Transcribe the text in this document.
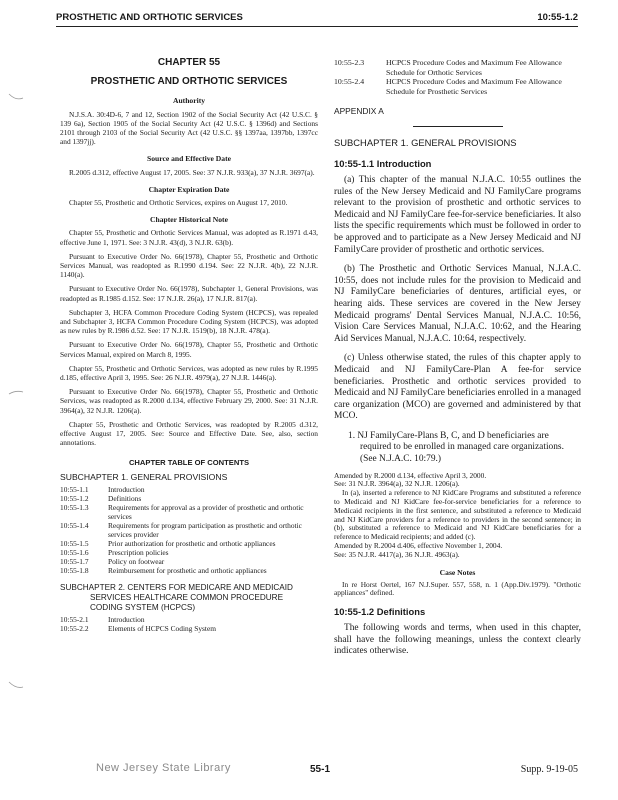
PROSTHETIC AND ORTHOTIC SERVICES	10:55-1.2
CHAPTER 55
PROSTHETIC AND ORTHOTIC SERVICES
Authority

N.J.S.A. 30:4D-6, 7 and 12, Section 1902 of the Social Security Act (42 U.S.C. § 139 6a), Section 1905 of the Social Security Act (42 U.S.C. § 1396d) and Sections 2101 through 2103 of the Social Security Act (42 U.S.C. §§ 1397aa, 1397bb, 1397cc and 1397jj).

Source and Effective Date

R.2005 d.312, effective August 17, 2005. See: 37 N.J.R. 933(a), 37 N.J.R. 3697(a).

Chapter Expiration Date

Chapter 55, Prosthetic and Orthotic Services, expires on August 17, 2010.

Chapter Historical Note

Chapter 55, Prosthetic and Orthotic Services Manual, was adopted as R.1971 d.43, effective June 1, 1971. See: 3 N.J.R. 43(d), 3 N.J.R. 63(b).

Pursuant to Executive Order No. 66(1978), Chapter 55, Prosthetic and Orthotic Services Manual, was readopted as R.1990 d.194. See: 22 N.J.R. 4(b), 22 N.J.R. 1140(a).

Pursuant to Executive Order No. 66(1978), Subchapter 1, General Provisions, was readopted as R.1985 d.152. See: 17 N.J.R. 26(a), 17 N.J.R. 817(a).

Subchapter 3, HCFA Common Procedure Coding System (HCPCS), was repealed and Subchapter 3, HCFA Common Procedure Coding System (HCPCS), was adopted as new rules by R.1986 d.52. See: 17 N.J.R. 1519(b), 18 N.J.R. 478(a).

Pursuant to Executive Order No. 66(1978), Chapter 55, Prosthetic and Orthotic Services Manual, expired on March 8, 1995.

Chapter 55, Prosthetic and Orthotic Services, was adopted as new rules by R.1995 d.185, effective April 3, 1995. See: 26 N.J.R. 4979(a), 27 N.J.R. 1446(a).

Pursuant to Executive Order No. 66(1978), Chapter 55, Prosthetic and Orthotic Services, was readopted as R.2000 d.134, effective February 29, 2000. See: 31 N.J.R. 3964(a), 32 N.J.R. 1206(a).

Chapter 55, Prosthetic and Orthotic Services, was readopted by R.2005 d.312, effective August 17, 2005. See: Source and Effective Date. See, also, section annotations.

CHAPTER TABLE OF CONTENTS
SUBCHAPTER 1. GENERAL PROVISIONS
10:55-1.1	Introduction
10:55-1.2	Definitions
10:55-1.3	Requirements for approval as a provider of prosthetic and orthotic services
10:55-1.4	Requirements for program participation as prosthetic and orthotic services provider
10:55-1.5	Prior authorization for prosthetic and orthotic appliances
10:55-1.6	Prescription policies
10:55-1.7	Policy on footwear
10:55-1.8	Reimbursement for prosthetic and orthotic appliances
SUBCHAPTER 2. CENTERS FOR MEDICARE AND MEDICAID SERVICES HEALTHCARE COMMON PROCEDURE CODING SYSTEM (HCPCS)
10:55-2.1	Introduction
10:55-2.2	Elements of HCPCS Coding System
10:55-2.3	HCPCS Procedure Codes and Maximum Fee Allowance Schedule for Orthotic Services
10:55-2.4	HCPCS Procedure Codes and Maximum Fee Allowance Schedule for Prosthetic Services
APPENDIX A
SUBCHAPTER 1. GENERAL PROVISIONS
10:55-1.1 Introduction

(a) This chapter of the manual N.J.A.C. 10:55 outlines the rules of the New Jersey Medicaid and NJ FamilyCare programs relevant to the provision of prosthetic and orthotic services to Medicaid and NJ FamilyCare fee-for-service beneficiaries. It also lists the specific requirements which must be followed in order to be approved and to participate as a New Jersey Medicaid and NJ FamilyCare provider of prosthetic and orthotic services.

(b) The Prosthetic and Orthotic Services Manual, N.J.A.C. 10:55, does not include rules for the provision to Medicaid and NJ FamilyCare beneficiaries of dentures, artificial eyes, or hearing aids. These services are covered in the New Jersey Medicaid programs' Dental Services Manual, N.J.A.C. 10:56, Vision Care Services Manual, N.J.A.C. 10:62, and the Hearing Aid Services Manual, N.J.A.C. 10:64, respectively.

(c) Unless otherwise stated, the rules of this chapter apply to Medicaid and NJ FamilyCare-Plan A fee-for service beneficiaries. Prosthetic and orthotic services provided to Medicaid and NJ FamilyCare beneficiaries enrolled in a managed care organization (MCO) are governed and administered by that MCO.

1. NJ FamilyCare-Plans B, C, and D beneficiaries are required to be enrolled in managed care organizations. (See N.J.A.C. 10:79.)

Amended by R.2000 d.134, effective April 3, 2000.

See: 31 N.J.R. 3964(a), 32 N.J.R. 1206(a).

In (a), inserted a reference to NJ KidCare Programs and substituted a reference to Medicaid and NJ KidCare fee-for-service beneficiaries for a reference to Medicaid recipients in the first sentence, and substituted a reference to Medicaid and NJ KidCare providers for a reference to providers in the second sentence; in (b), substituted a reference to Medicaid and NJ KidCare beneficiaries for a reference to Medicaid recipients; and added (c).

Amended by R.2004 d.406, effective November 1, 2004.

See: 35 N.J.R. 4417(a), 36 N.J.R. 4963(a).

Case Notes

In re Horst Oertel, 167 N.J.Super. 557, 558, n. 1 (App.Div.1979). "Orthotic appliances" defined.

10:55-1.2 Definitions

The following words and terms, when used in this chapter, shall have the following meanings, unless the context clearly indicates otherwise.

New Jersey State Library	55-1	Supp. 9-19-05
